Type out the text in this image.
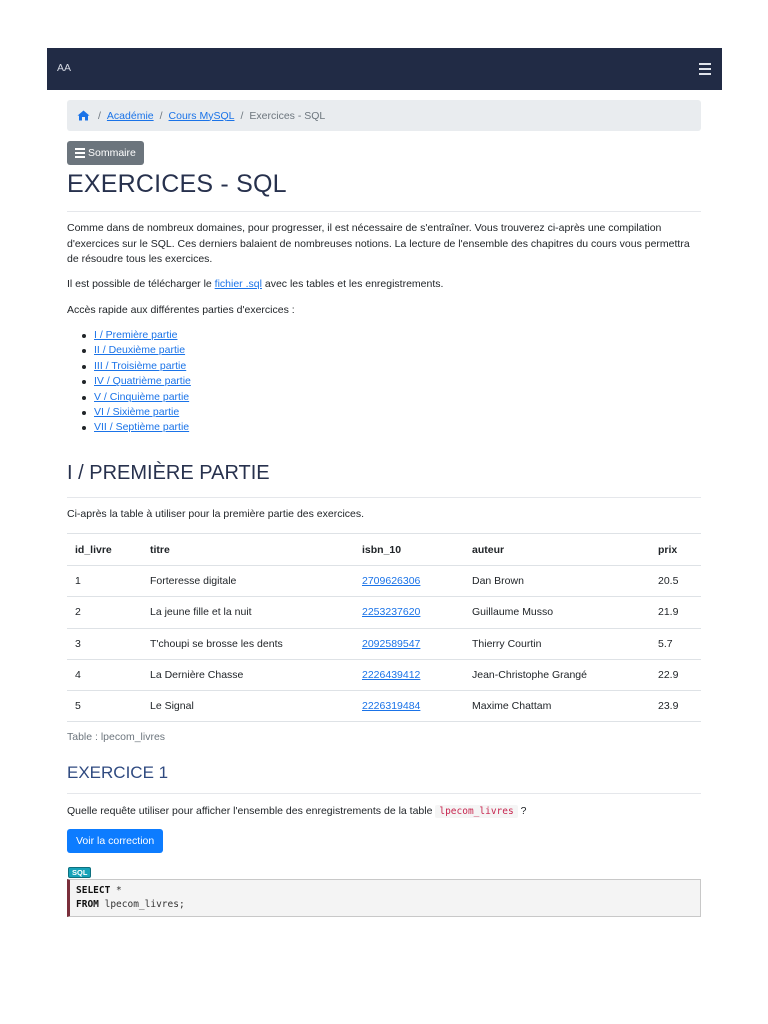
AA
/ Académie / Cours MySQL / Exercices - SQL
Sommaire
EXERCICES - SQL

Comme dans de nombreux domaines, pour progresser, il est nécessaire de s'entraîner. Vous trouverez ci-après une compilation d'exercices sur le SQL. Ces derniers balaient de nombreuses notions. La lecture de l'ensemble des chapitres du cours vous permettra de résoudre tous les exercices.

Il est possible de télécharger le fichier .sql avec les tables et les enregistrements.

Accès rapide aux différentes parties d'exercices :

I / Première partie
II / Deuxième partie
III / Troisième partie
IV / Quatrième partie
V / Cinquième partie
VI / Sixième partie
VII / Septième partie
I / PREMIÈRE PARTIE

Ci-après la table à utiliser pour la première partie des exercices.

id_livre	titre	isbn_10	auteur	prix
1	Forteresse digitale	2709626306	Dan Brown	20.5
2	La jeune fille et la nuit	2253237620	Guillaume Musso	21.9
3	T'choupi se brosse les dents	2092589547	Thierry Courtin	5.7
4	La Dernière Chasse	2226439412	Jean-Christophe Grangé	22.9
5	Le Signal	2226319484	Maxime Chattam	23.9

Table : lpecom_livres

EXERCICE 1

Quelle requête utiliser pour afficher l'ensemble des enregistrements de la table lpecom_livres ?

Voir la correction
SQL
SELECT *
FROM lpecom_livres;
